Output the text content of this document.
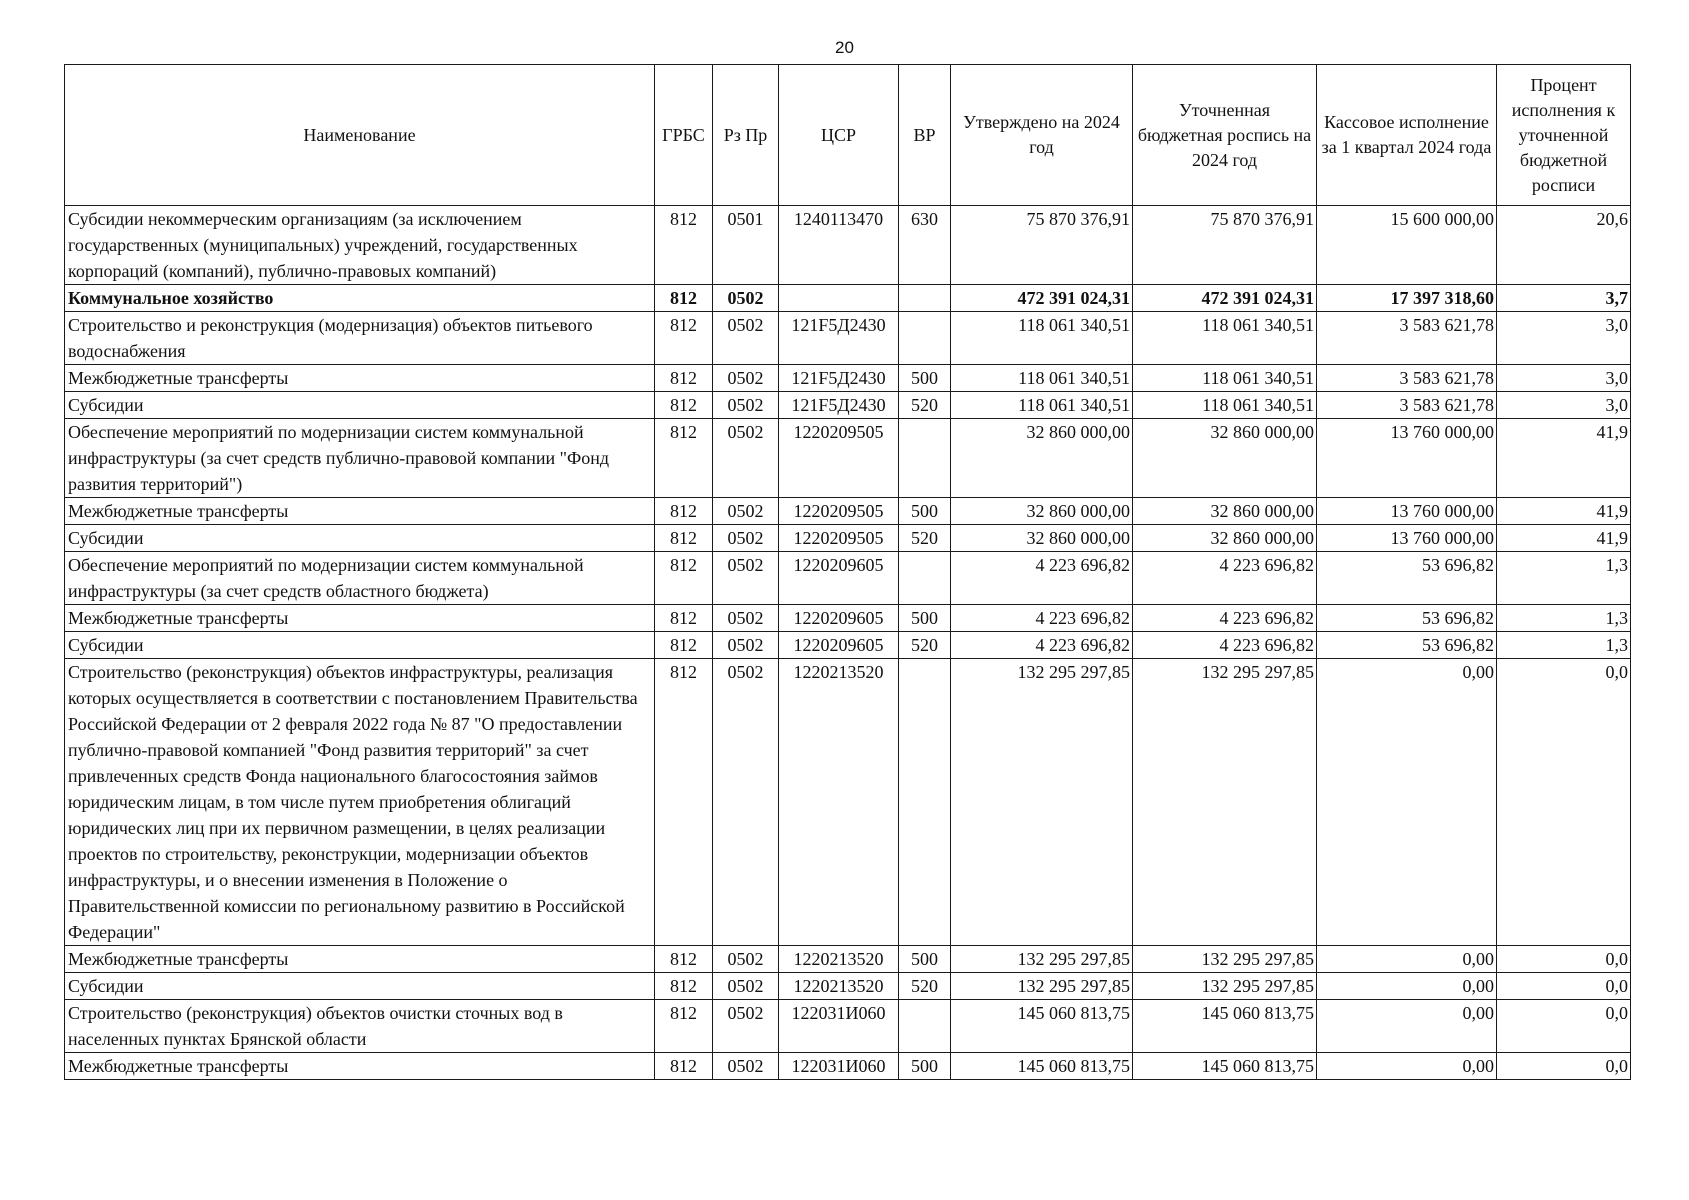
20
Наименование	ГРБС	Рз Пр	ЦСР	ВР	Утверждено на 2024 год	Уточненная бюджетная роспись на 2024 год	Кассовое исполнение за 1 квартал 2024 года	Процент исполнения к уточненной бюджетной росписи
Субсидии некоммерческим организациям (за исключением государственных (муниципальных) учреждений, государственных корпораций (компаний), публично-правовых компаний)	812	0501	1240113470	630	75 870 376,91	75 870 376,91	15 600 000,00	20,6
Коммунальное хозяйство	812	0502			472 391 024,31	472 391 024,31	17 397 318,60	3,7
Строительство и реконструкция (модернизация) объектов питьевого водоснабжения	812	0502	121F5Д2430		118 061 340,51	118 061 340,51	3 583 621,78	3,0
Межбюджетные трансферты	812	0502	121F5Д2430	500	118 061 340,51	118 061 340,51	3 583 621,78	3,0
Субсидии	812	0502	121F5Д2430	520	118 061 340,51	118 061 340,51	3 583 621,78	3,0
Обеспечение мероприятий по модернизации систем коммунальной инфраструктуры (за счет средств публично-правовой компании "Фонд развития территорий")	812	0502	1220209505		32 860 000,00	32 860 000,00	13 760 000,00	41,9
Межбюджетные трансферты	812	0502	1220209505	500	32 860 000,00	32 860 000,00	13 760 000,00	41,9
Субсидии	812	0502	1220209505	520	32 860 000,00	32 860 000,00	13 760 000,00	41,9
Обеспечение мероприятий по модернизации систем коммунальной инфраструктуры (за счет средств областного бюджета)	812	0502	1220209605		4 223 696,82	4 223 696,82	53 696,82	1,3
Межбюджетные трансферты	812	0502	1220209605	500	4 223 696,82	4 223 696,82	53 696,82	1,3
Субсидии	812	0502	1220209605	520	4 223 696,82	4 223 696,82	53 696,82	1,3
Строительство (реконструкция) объектов инфраструктуры, реализация которых осуществляется в соответствии с постановлением Правительства Российской Федерации от 2 февраля 2022 года № 87 "О предоставлении публично-правовой компанией "Фонд развития территорий" за счет привлеченных средств Фонда национального благосостояния займов юридическим лицам, в том числе путем приобретения облигаций юридических лиц при их первичном размещении, в целях реализации проектов по строительству, реконструкции, модернизации объектов инфраструктуры, и о внесении изменения в Положение о Правительственной комиссии по региональному развитию в Российской Федерации"	812	0502	1220213520		132 295 297,85	132 295 297,85	0,00	0,0
Межбюджетные трансферты	812	0502	1220213520	500	132 295 297,85	132 295 297,85	0,00	0,0
Субсидии	812	0502	1220213520	520	132 295 297,85	132 295 297,85	0,00	0,0
Строительство (реконструкция) объектов очистки сточных вод в населенных пунктах Брянской области	812	0502	122031И060		145 060 813,75	145 060 813,75	0,00	0,0
Межбюджетные трансферты	812	0502	122031И060	500	145 060 813,75	145 060 813,75	0,00	0,0
